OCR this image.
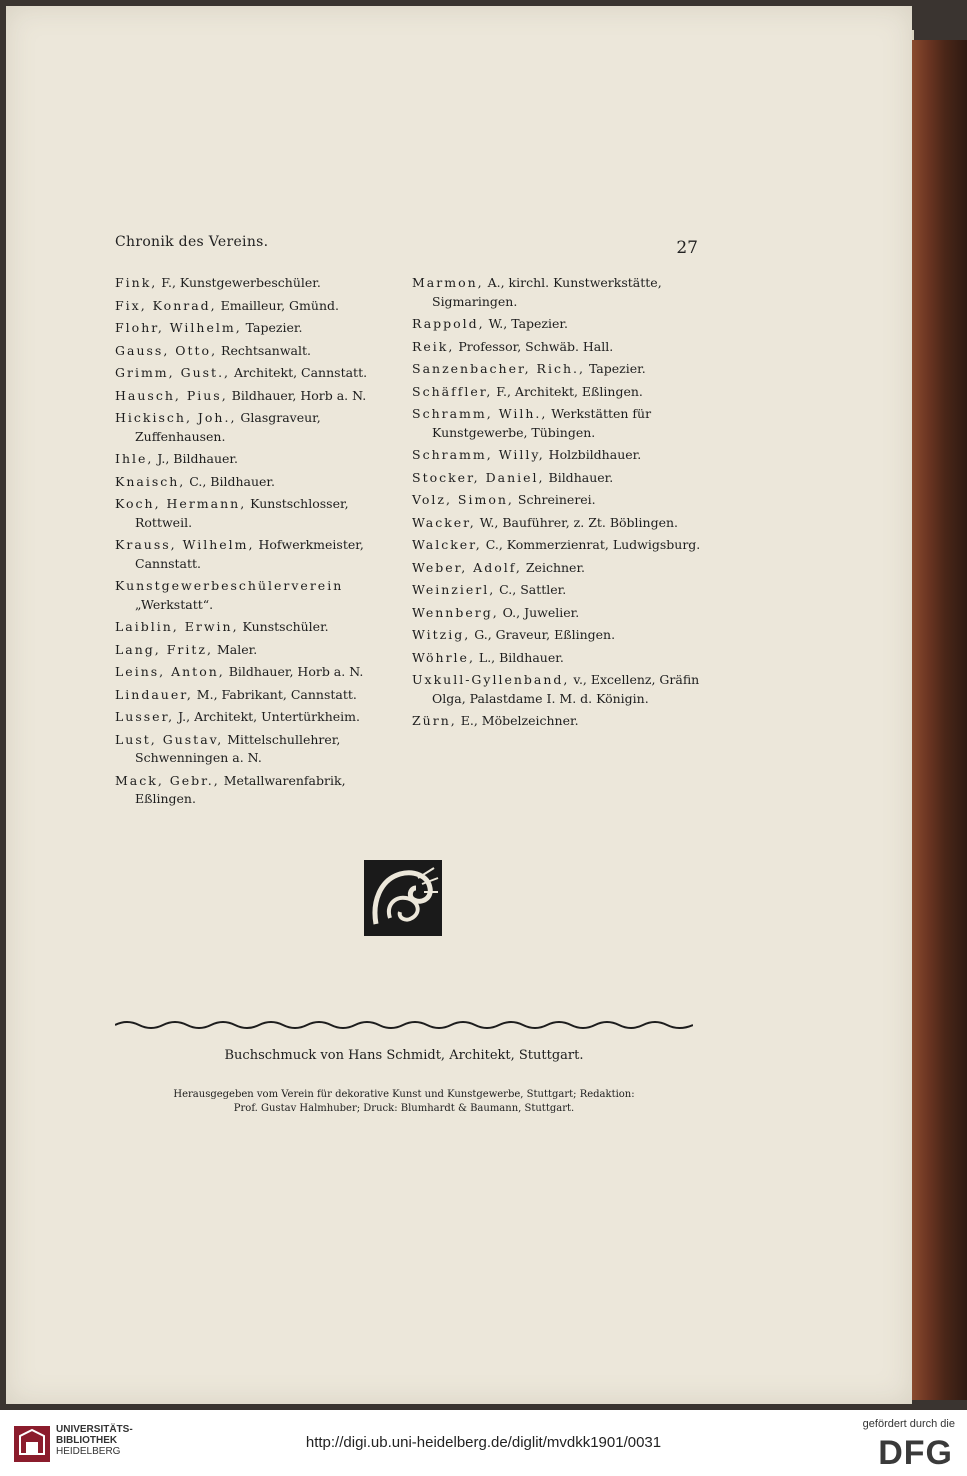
Chronik des Vereins.	27
Fink, F., Kunstgewerbeschüler.
Fix, Konrad, Emailleur, Gmünd.
Flohr, Wilhelm, Tapezier.
Gauss, Otto, Rechtsanwalt.
Grimm, Gust., Architekt, Cannstatt.
Hausch, Pius, Bildhauer, Horb a. N.
Hickisch, Joh., Glasgraveur, Zuffenhausen.
Ihle, J., Bildhauer.
Knaisch, C., Bildhauer.
Koch, Hermann, Kunstschlosser, Rottweil.
Krauss, Wilhelm, Hofwerkmeister, Cannstatt.
Kunstgewerbeschülerverein „Werkstatt“.
Laiblin, Erwin, Kunstschüler.
Lang, Fritz, Maler.
Leins, Anton, Bildhauer, Horb a. N.
Lindauer, M., Fabrikant, Cannstatt.
Lusser, J., Architekt, Untertürkheim.
Lust, Gustav, Mittelschullehrer, Schwenningen a. N.
Mack, Gebr., Metallwarenfabrik, Eßlingen.
Marmon, A., kirchl. Kunstwerkstätte, Sigmaringen.
Rappold, W., Tapezier.
Reik, Professor, Schwäb. Hall.
Sanzenbacher, Rich., Tapezier.
Schäffler, F., Architekt, Eßlingen.
Schramm, Wilh., Werkstätten für Kunstgewerbe, Tübingen.
Schramm, Willy, Holzbildhauer.
Stocker, Daniel, Bildhauer.
Volz, Simon, Schreinerei.
Wacker, W., Bauführer, z. Zt. Böblingen.
Walcker, C., Kommerzienrat, Ludwigsburg.
Weber, Adolf, Zeichner.
Weinzierl, C., Sattler.
Wennberg, O., Juwelier.
Witzig, G., Graveur, Eßlingen.
Wöhrle, L., Bildhauer.
Uxkull-Gyllenband, v., Excellenz, Gräfin Olga, Palastdame I. M. d. Königin.
Zürn, E., Möbelzeichner.
Buchschmuck von Hans Schmidt, Architekt, Stuttgart.
Herausgegeben vom Verein für dekorative Kunst und Kunstgewerbe, Stuttgart; Redaktion:
Prof. Gustav Halmhuber; Druck: Blumhardt & Baumann, Stuttgart.
UNIVERSITÄTS-
BIBLIOTHEK
HEIDELBERG
http://digi.ub.uni-heidelberg.de/diglit/mvdkk1901/0031
gefördert durch die
DFG
